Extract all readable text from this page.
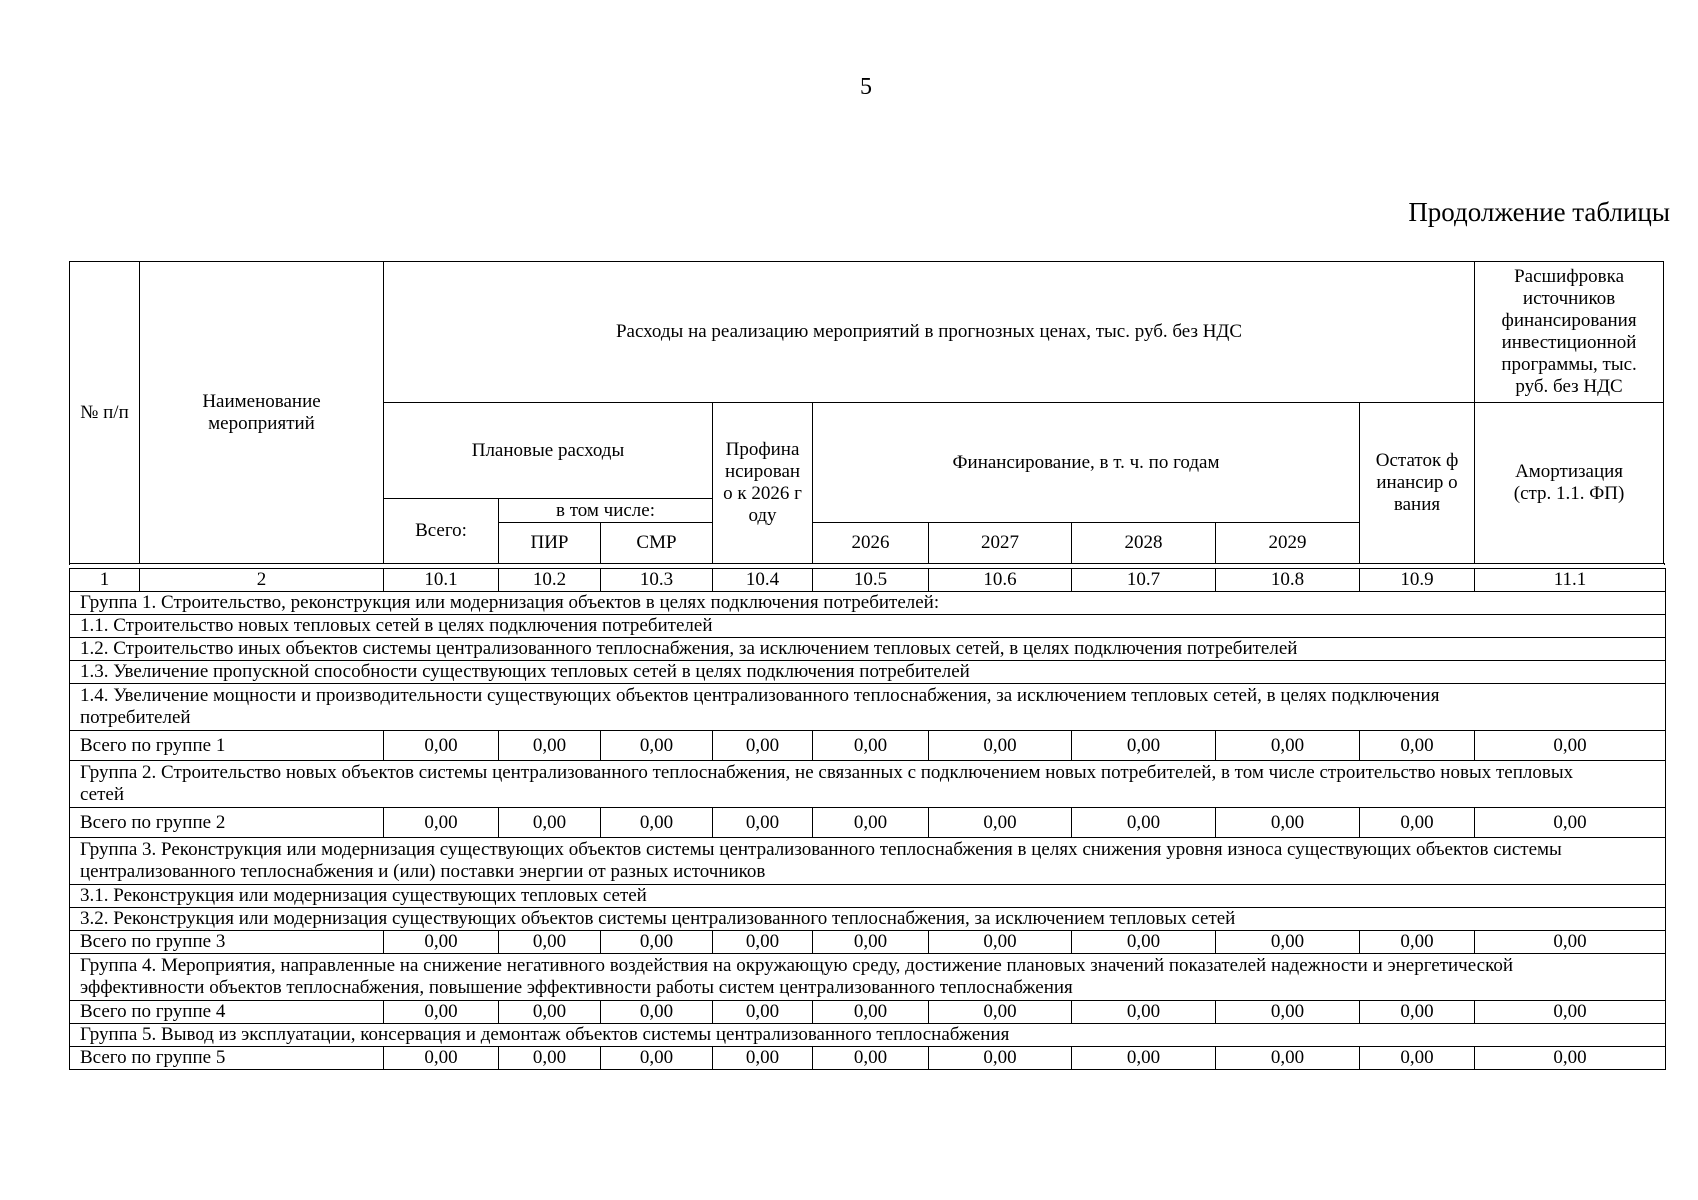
5
Продолжение таблицы
№ п/п	Наименование мероприятий	Расходы на реализацию мероприятий в прогнозных ценах, тыс. руб. без НДС									Расшифровка источников финансирования инвестиционной программы, тыс. руб. без НДС
		Плановые расходы			Профина нсирован о к 2026 году	Финансирование, в т. ч. по годам				Остаток финансир ования	Амортизация (стр. 1.1. ФП)
		Всего:	в том числе:								
			ПИР	СМР		2026	2027	2028	2029		
1	2	10.1	10.2	10.3	10.4	10.5	10.6	10.7	10.8	10.9	11.1
Группа 1. Строительство, реконструкция или модернизация объектов в целях подключения потребителей:											
1.1. Строительство новых тепловых сетей в целях подключения потребителей											
1.2. Строительство иных объектов системы централизованного теплоснабжения, за исключением тепловых сетей, в целях подключения потребителей											
1.3. Увеличение пропускной способности существующих тепловых сетей в целях подключения потребителей											

1.4. Увеличение мощности и производительности существующих объектов централизованного теплоснабжения, за исключением тепловых сетей, в целях подключения потребителей											

Всего по группе 1		0,00	0,00	0,00	0,00	0,00	0,00	0,00	0,00	0,00	0,00

Группа 2. Строительство новых объектов системы централизованного теплоснабжения, не связанных с подключением новых потребителей, в том числе строительство новых тепловых сетей											

Всего по группе 2		0,00	0,00	0,00	0,00	0,00	0,00	0,00	0,00	0,00	0,00

Группа 3. Реконструкция или модернизация существующих объектов системы централизованного теплоснабжения в целях снижения уровня износа существующих объектов системы централизованного теплоснабжения и (или) поставки энергии от разных источников											

3.1. Реконструкция или модернизация существующих тепловых сетей											
3.2. Реконструкция или модернизация существующих объектов системы централизованного теплоснабжения, за исключением тепловых сетей											
Всего по группе 3		0,00	0,00	0,00	0,00	0,00	0,00	0,00	0,00	0,00	0,00

Группа 4. Мероприятия, направленные на снижение негативного воздействия на окружающую среду, достижение плановых значений показателей надежности и энергетической эффективности объектов теплоснабжения, повышение эффективности работы систем централизованного теплоснабжения											

Всего по группе 4		0,00	0,00	0,00	0,00	0,00	0,00	0,00	0,00	0,00	0,00
Группа 5. Вывод из эксплуатации, консервация и демонтаж объектов системы централизованного теплоснабжения											
Всего по группе 5		0,00	0,00	0,00	0,00	0,00	0,00	0,00	0,00	0,00	0,00
